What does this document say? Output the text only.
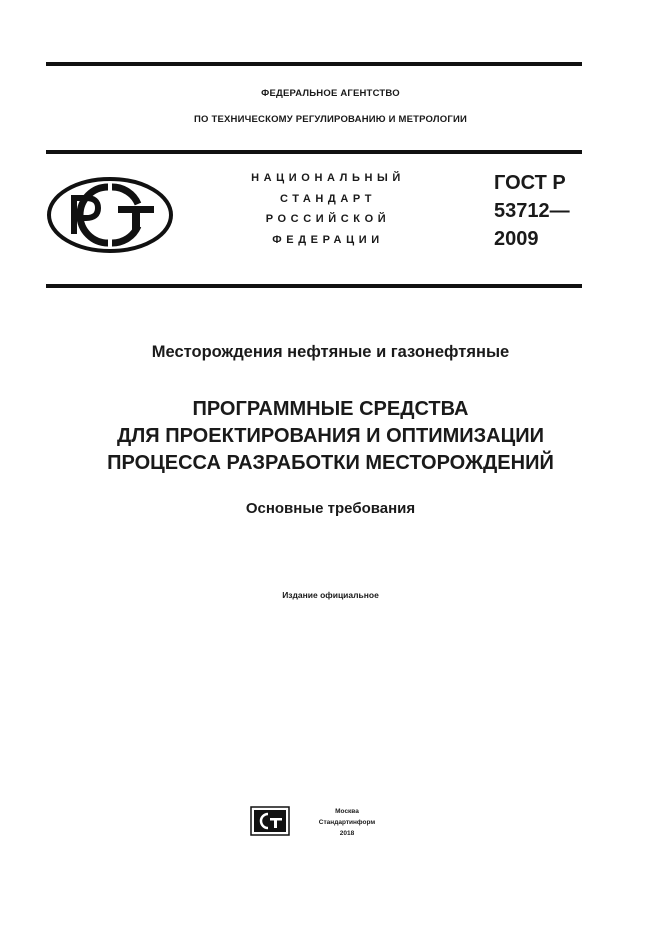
ФЕДЕРАЛЬНОЕ АГЕНТСТВО
ПО ТЕХНИЧЕСКОМУ РЕГУЛИРОВАНИЮ И МЕТРОЛОГИИ
НАЦИОНАЛЬНЫЙ
СТАНДАРТ
РОССИЙСКОЙ
ФЕДЕРАЦИИ
ГОСТ Р
53712—
2009
Месторождения нефтяные и газонефтяные
ПРОГРАММНЫЕ СРЕДСТВА
ДЛЯ ПРОЕКТИРОВАНИЯ И ОПТИМИЗАЦИИ
ПРОЦЕССА РАЗРАБОТКИ МЕСТОРОЖДЕНИЙ
Основные требования
Издание официальное
Москва
Стандартинформ
2018
